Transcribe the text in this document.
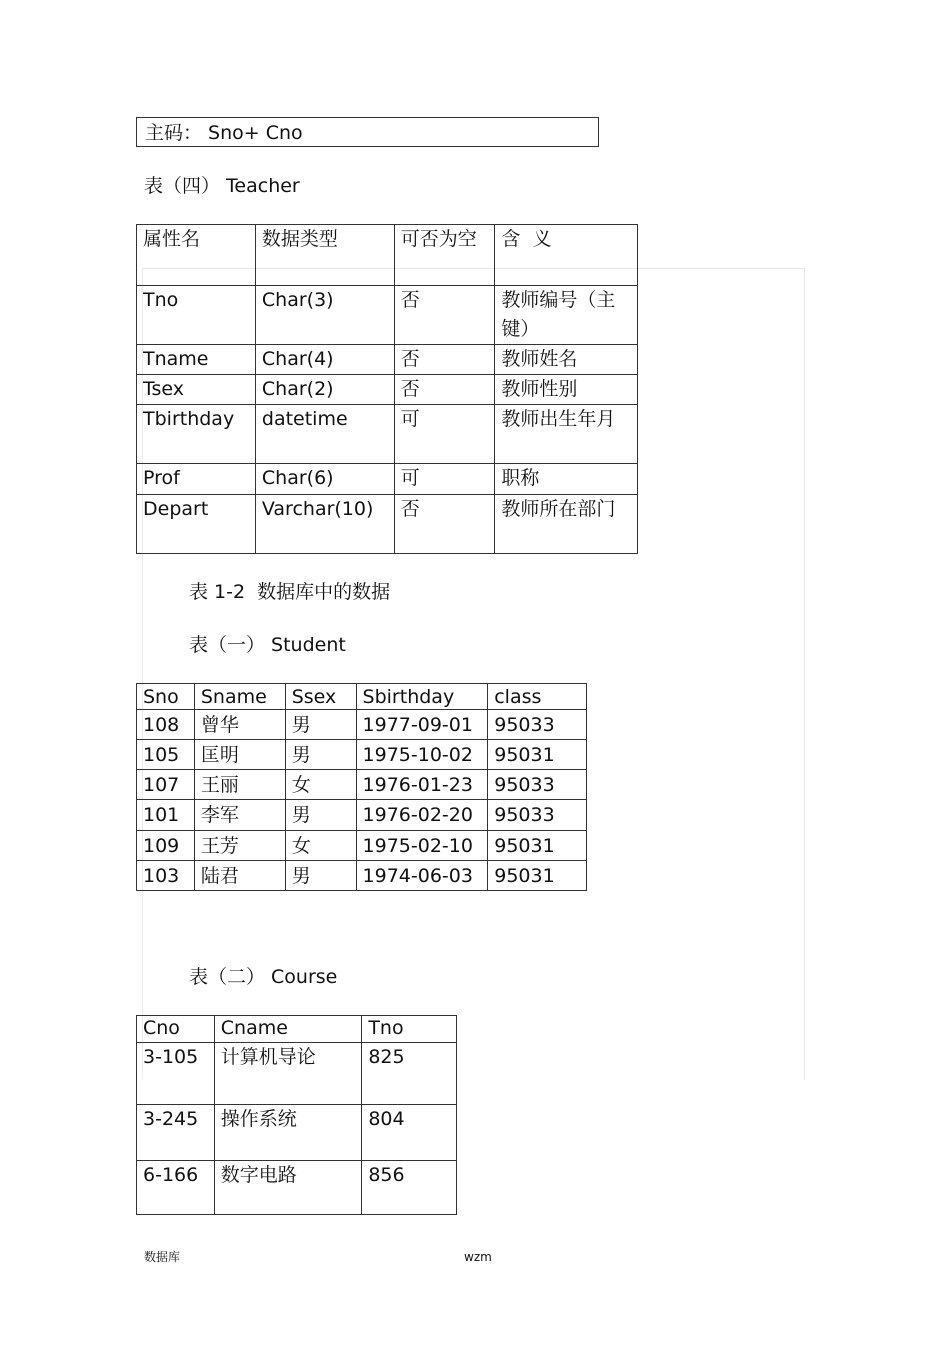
主码： Sno+ Cno
表（四） Teacher
属性名	数据类型	可否为空	含  义
Tno	Char(3)	否	教师编号（主键）
Tname	Char(4)	否	教师姓名
Tsex	Char(2)	否	教师性别
Tbirthday	datetime	可	教师出生年月
Prof	Char(6)	可	职称
Depart	Varchar(10)	否	教师所在部门
表 1-2  数据库中的数据
表（一） Student
Sno	Sname	Ssex	Sbirthday	class
108	曾华	男	1977-09-01	95033
105	匡明	男	1975-10-02	95031
107	王丽	女	1976-01-23	95033
101	李军	男	1976-02-20	95033
109	王芳	女	1975-02-10	95031
103	陆君	男	1974-06-03	95031
表（二） Course
Cno	Cname	Tno
3-105	计算机导论	825
3-245	操作系统	804
6-166	数字电路	856
数据库	wzm
